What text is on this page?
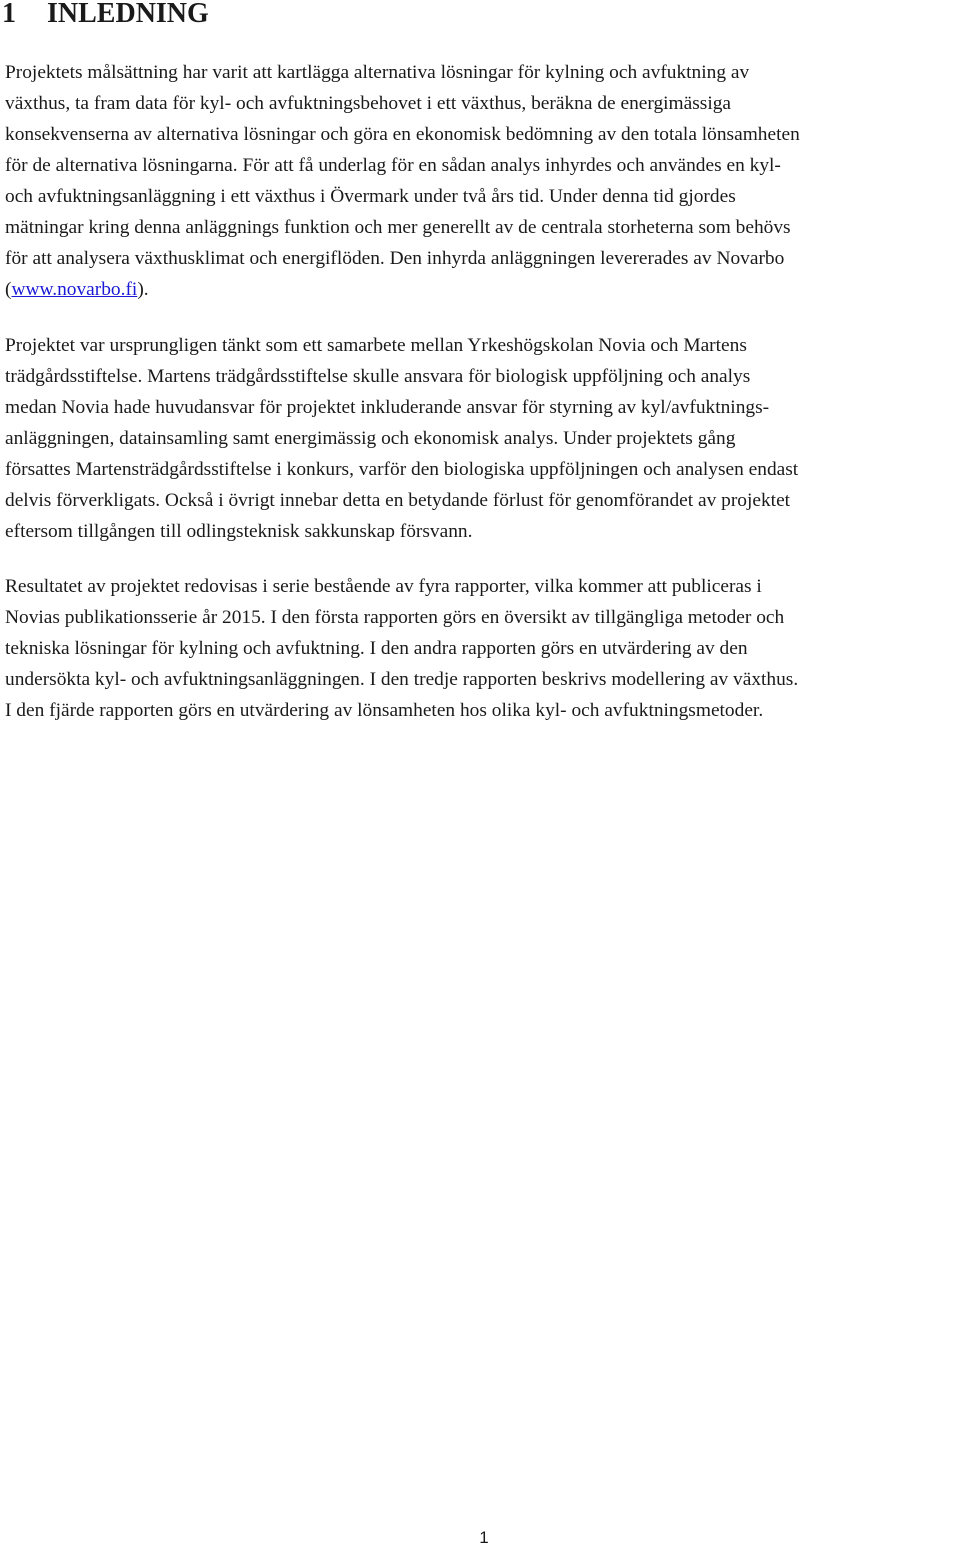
1 INLEDNING

Projektets målsättning har varit att kartlägga alternativa lösningar för kylning och avfuktning av
växthus, ta fram data för kyl- och avfuktningsbehovet i ett växthus, beräkna de energimässiga
konsekvenserna av alternativa lösningar och göra en ekonomisk bedömning av den totala lönsamheten
för de alternativa lösningarna. För att få underlag för en sådan analys inhyrdes och användes en kyl-
och avfuktningsanläggning i ett växthus i Övermark under två års tid. Under denna tid gjordes
mätningar kring denna anläggnings funktion och mer generellt av de centrala storheterna som behövs
för att analysera växthusklimat och energiflöden. Den inhyrda anläggningen levererades av Novarbo
(www.novarbo.fi).

Projektet var ursprungligen tänkt som ett samarbete mellan Yrkeshögskolan Novia och Martens
trädgårdsstiftelse. Martens trädgårdsstiftelse skulle ansvara för biologisk uppföljning och analys
medan Novia hade huvudansvar för projektet inkluderande ansvar för styrning av kyl/avfuktnings-
anläggningen, datainsamling samt energimässig och ekonomisk analys. Under projektets gång
försattes Martensträdgårdsstiftelse i konkurs, varför den biologiska uppföljningen och analysen endast
delvis förverkligats. Också i övrigt innebar detta en betydande förlust för genomförandet av projektet
eftersom tillgången till odlingsteknisk sakkunskap försvann.

Resultatet av projektet redovisas i serie bestående av fyra rapporter, vilka kommer att publiceras i
Novias publikationsserie år 2015. I den första rapporten görs en översikt av tillgängliga metoder och
tekniska lösningar för kylning och avfuktning. I den andra rapporten görs en utvärdering av den
undersökta kyl- och avfuktningsanläggningen. I den tredje rapporten beskrivs modellering av växthus.
I den fjärde rapporten görs en utvärdering av lönsamheten hos olika kyl- och avfuktningsmetoder.

1
